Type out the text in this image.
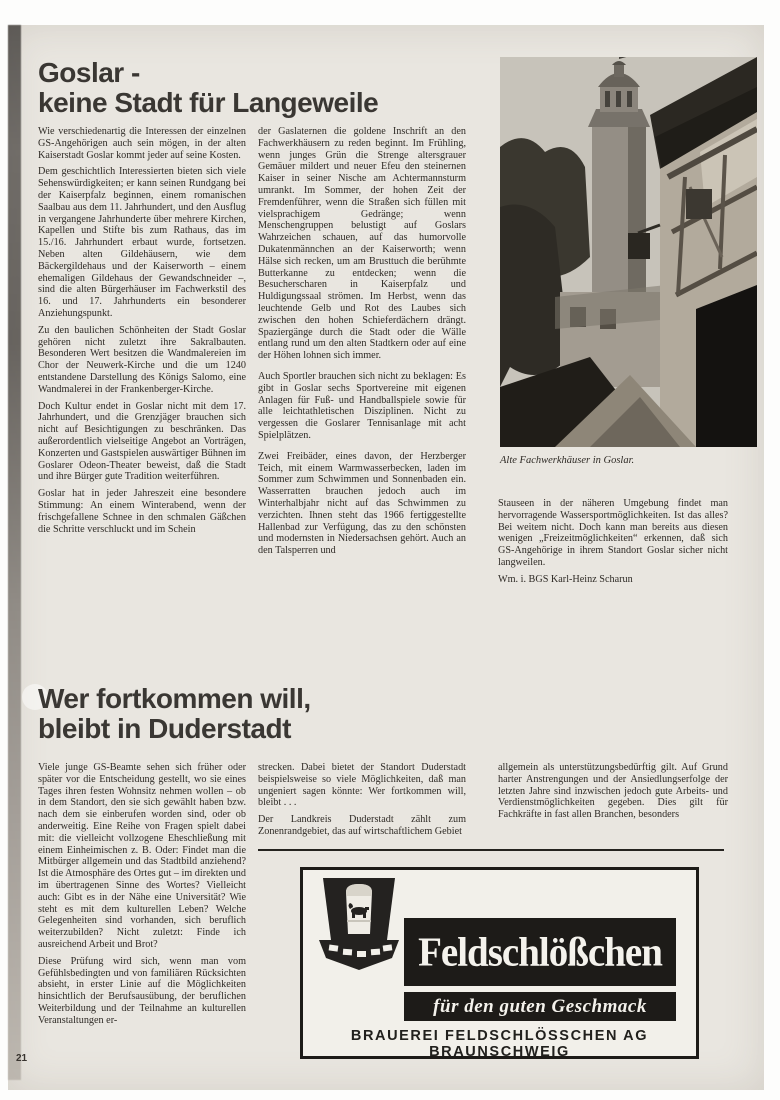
Goslar -
keine Stadt für Langeweile
Alte Fachwerkhäuser in Goslar.

Wie verschiedenartig die Interessen der einzelnen GS-Angehörigen auch sein mögen, in der alten Kaiserstadt Goslar kommt jeder auf seine Kosten.

Dem geschichtlich Interessierten bieten sich viele Sehenswürdigkeiten; er kann seinen Rundgang bei der Kaiserpfalz beginnen, einem romanischen Saalbau aus dem 11. Jahrhundert, und den Ausflug in vergangene Jahrhunderte über mehrere Kirchen, Kapellen und Stifte bis zum Rathaus, das im 15./16. Jahrhundert erbaut wurde, fortsetzen. Neben alten Gildehäusern, wie dem Bäckergildehaus und der Kaiserworth – einem ehemaligen Gildehaus der Gewandschneider –, sind die alten Bürgerhäuser im Fachwerkstil des 16. und 17. Jahrhunderts ein besonderer Anziehungspunkt.

Zu den baulichen Schönheiten der Stadt Goslar gehören nicht zuletzt ihre Sakralbauten. Besonderen Wert besitzen die Wandmalereien im Chor der Neuwerk-Kirche und die um 1240 entstandene Darstellung des Königs Salomo, eine Wandmalerei in der Frankenberger-Kirche.

Doch Kultur endet in Goslar nicht mit dem 17. Jahrhundert, und die Grenzjäger brauchen sich nicht auf Besichtigungen zu beschränken. Das außerordentlich vielseitige Angebot an Vorträgen, Konzerten und Gastspielen auswärtiger Bühnen im Goslarer Odeon-Theater beweist, daß die Stadt und ihre Bürger gute Tradition weiterführen.

Goslar hat in jeder Jahreszeit eine besondere Stimmung: An einem Winterabend, wenn der frischgefallene Schnee in den schmalen Gäßchen die Schritte verschluckt und im Schein

der Gaslaternen die goldene Inschrift an den Fachwerkhäusern zu reden beginnt. Im Frühling, wenn junges Grün die Strenge altersgrauer Gemäuer mildert und neuer Efeu den steinernen Kaiser in seiner Nische am Achtermannsturm umrankt. Im Sommer, der hohen Zeit der Fremdenführer, wenn die Straßen sich füllen mit vielsprachigem Gedränge; wenn Menschengruppen belustigt auf Goslars Wahrzeichen schauen, auf das humorvolle Dukatenmännchen an der Kaiserworth; wenn Hälse sich recken, um am Brusttuch die berühmte Butterkanne zu entdecken; wenn die Besucherscharen in Kaiserpfalz und Huldigungssaal strömen. Im Herbst, wenn das leuchtende Gelb und Rot des Laubes sich zwischen den hohen Schieferdächern drängt. Spaziergänge durch die Stadt oder die Wälle entlang rund um den alten Stadtkern oder auf eine der Höhen lohnen sich immer.

Auch Sportler brauchen sich nicht zu beklagen: Es gibt in Goslar sechs Sportvereine mit eigenen Anlagen für Fuß- und Handballspiele sowie für alle leichtathletischen Disziplinen. Nicht zu vergessen die Goslarer Tennisanlage mit acht Spielplätzen.

Zwei Freibäder, eines davon, der Herzberger Teich, mit einem Warmwasserbecken, laden im Sommer zum Schwimmen und Sonnenbaden ein. Wasserratten brauchen jedoch auch im Winterhalbjahr nicht auf das Schwimmen zu verzichten. Ihnen steht das 1966 fertiggestellte Hallenbad zur Verfügung, das zu den schönsten und modernsten in Niedersachsen gehört. Auch an den Talsperren und

Stauseen in der näheren Umgebung findet man hervorragende Wassersportmöglichkeiten. Ist das alles? Bei weitem nicht. Doch kann man bereits aus diesen wenigen „Freizeitmöglichkeiten“ erkennen, daß sich GS-Angehörige in ihrem Standort Goslar sicher nicht langweilen.

Wm. i. BGS Karl-Heinz Scharun

Wer fortkommen will,
bleibt in Duderstadt

Viele junge GS-Beamte sehen sich früher oder später vor die Entscheidung gestellt, wo sie eines Tages ihren festen Wohnsitz nehmen wollen – ob in dem Standort, den sie sich gewählt haben bzw. nach dem sie einberufen worden sind, oder ob anderweitig. Eine Reihe von Fragen spielt dabei mit: die vielleicht vollzogene Eheschließung mit einem Einheimischen z. B. Oder: Findet man die Mitbürger allgemein und das Stadtbild anziehend? Ist die Atmosphäre des Ortes gut – im direkten und im übertragenen Sinne des Wortes? Vielleicht auch: Gibt es in der Nähe eine Universität? Wie steht es mit dem kulturellen Leben? Welche Gelegenheiten sind vorhanden, sich beruflich weiterzubilden? Nicht zuletzt: Finde ich ausreichend Arbeit und Brot?

Diese Prüfung wird sich, wenn man vom Gefühlsbedingten und von familiären Rücksichten absieht, in erster Linie auf die Möglichkeiten hinsichtlich der Berufsausübung, der beruflichen Weiterbildung und der Teilnahme an kulturellen Veranstaltungen er-

strecken. Dabei bietet der Standort Duderstadt beispielsweise so viele Möglichkeiten, daß man ungeniert sagen könnte: Wer fortkommen will, bleibt . . .

Der Landkreis Duderstadt zählt zum Zonenrandgebiet, das auf wirtschaftlichem Gebiet

allgemein als unterstützungsbedürftig gilt. Auf Grund harter Anstrengungen und der Ansiedlungserfolge der letzten Jahre sind inzwischen jedoch gute Arbeits- und Verdienstmöglichkeiten gegeben. Dies gilt für Fachkräfte in fast allen Branchen, besonders

Feldschlößchen
für den guten Geschmack
BRAUEREI FELDSCHLÖSSCHEN AG BRAUNSCHWEIG
21
